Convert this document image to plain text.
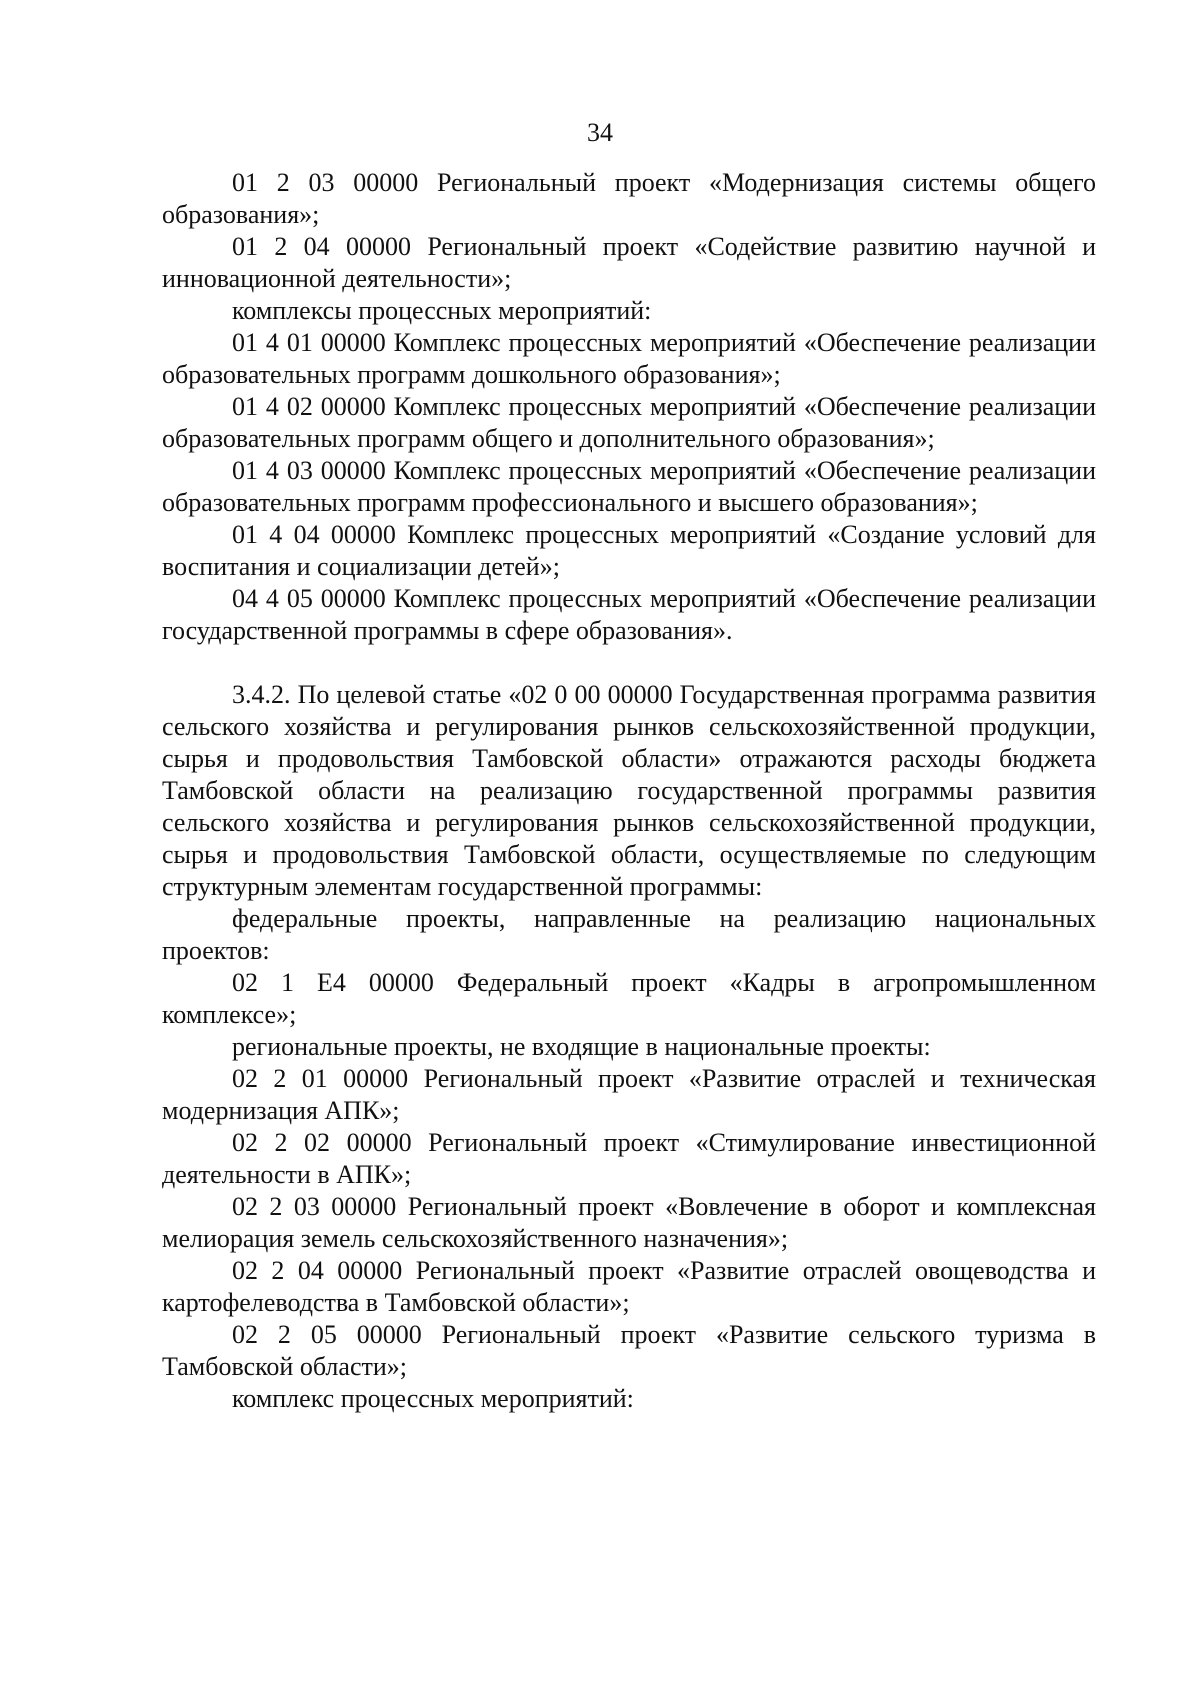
34

01 2 03 00000 Региональный проект «Модернизация системы общего образования»;

01 2 04 00000 Региональный проект «Содействие развитию научной и инновационной деятельности»;

комплексы процессных мероприятий:

01 4 01 00000 Комплекс процессных мероприятий «Обеспечение реализации образовательных программ дошкольного образования»;

01 4 02 00000 Комплекс процессных мероприятий «Обеспечение реализации образовательных программ общего и дополнительного образования»;

01 4 03 00000 Комплекс процессных мероприятий «Обеспечение реализации образовательных программ профессионального и высшего образования»;

01 4 04 00000 Комплекс процессных мероприятий «Создание условий для воспитания и социализации детей»;

04 4 05 00000 Комплекс процессных мероприятий «Обеспечение реализации государственной программы в сфере образования».

3.4.2. По целевой статье «02 0 00 00000 Государственная программа развития сельского хозяйства и регулирования рынков сельскохозяйственной продукции, сырья и продовольствия Тамбовской области» отражаются расходы бюджета Тамбовской области на реализацию государственной программы развития сельского хозяйства и регулирования рынков сельскохозяйственной продукции, сырья и продовольствия Тамбовской области, осуществляемые по следующим структурным элементам государственной программы:

федеральные проекты, направленные на реализацию национальных проектов:

02 1 E4 00000 Федеральный проект «Кадры в агропромышленном комплексе»;

региональные проекты, не входящие в национальные проекты:

02 2 01 00000 Региональный проект «Развитие отраслей и техническая модернизация АПК»;

02 2 02 00000 Региональный проект «Стимулирование инвестиционной деятельности в АПК»;

02 2 03 00000 Региональный проект «Вовлечение в оборот и комплексная мелиорация земель сельскохозяйственного назначения»;

02 2 04 00000 Региональный проект «Развитие отраслей овощеводства и картофелеводства в Тамбовской области»;

02 2 05 00000 Региональный проект «Развитие сельского туризма в Тамбовской области»;

комплекс процессных мероприятий:
